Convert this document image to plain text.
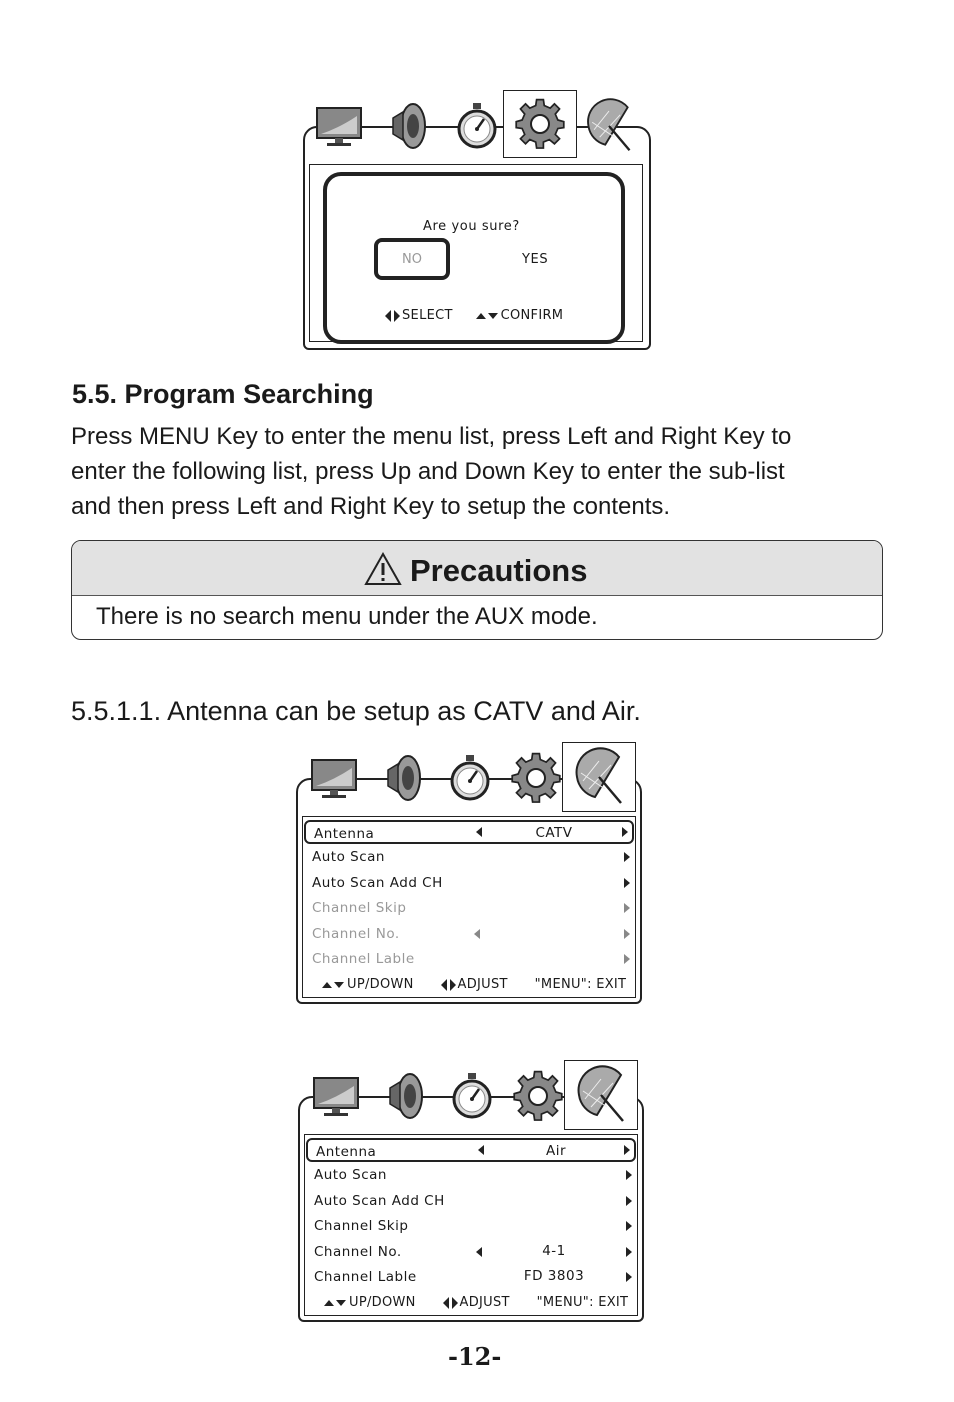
Are you sure?
NO	YES
SELECT	CONFIRM
5.5. Program Searching
Press MENU Key to enter the menu list, press Left and Right Key to
enter the following list, press Up and Down Key to enter the sub-list
and then press Left and Right Key to setup the contents.
Precautions
There is no search menu under the AUX mode.
5.5.1.1. Antenna can be setup as CATV and Air.
Antenna	CATV
Auto Scan
Auto Scan Add CH
Channel Skip
Channel No.
Channel Lable
UP/DOWN	ADJUST "MENU": EXIT
Antenna	Air
Auto Scan
Auto Scan Add CH
Channel Skip
Channel No.	4-1
Channel Lable	FD 3803
UP/DOWN	ADJUST "MENU": EXIT
-12-
